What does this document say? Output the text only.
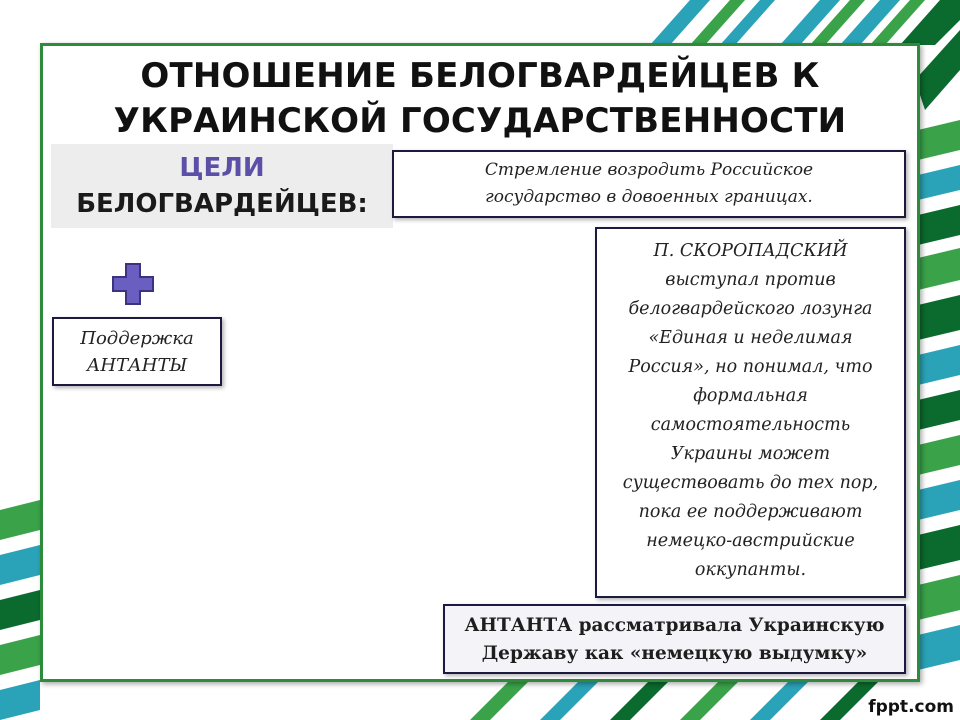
ОТНОШЕНИЕ БЕЛОГВАРДЕЙЦЕВ К
УКРАИНСКОЙ ГОСУДАРСТВЕННОСТИ
ЦЕЛИ
БЕЛОГВАРДЕЙЦЕВ:
Стремление возродить Российское
государство в довоенных границах.
Поддержка
АНТАНТЫ
П. СКОРОПАДСКИЙ
выступал против
белогвардейского лозунга
«Единая и неделимая
Россия», но понимал, что
формальная
самостоятельность
Украины может
существовать до тех пор,
пока ее поддерживают
немецко-австрийские
оккупанты.
АНТАНТА рассматривала Украинскую
Державу как «немецкую выдумку»
fppt.com
